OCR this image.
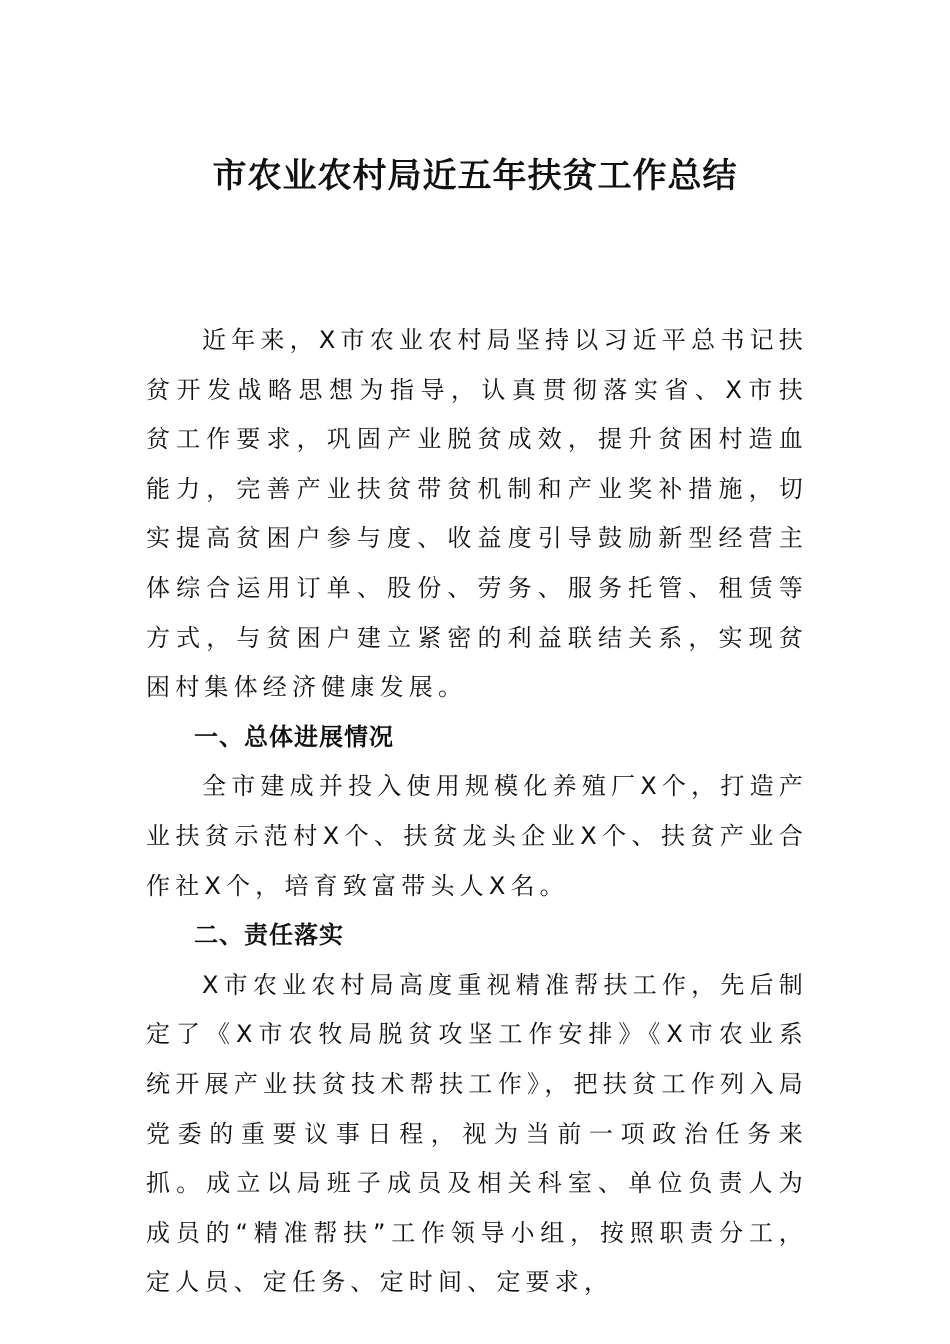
市农业农村局近五年扶贫工作总结

近年来，X市农业农村局坚持以习近平总书记扶贫开发战略思想为指导，认真贯彻落实省、X市扶贫工作要求，巩固产业脱贫成效，提升贫困村造血能力，完善产业扶贫带贫机制和产业奖补措施，切实提高贫困户参与度、收益度引导鼓励新型经营主体综合运用订单、股份、劳务、服务托管、租赁等方式，与贫困户建立紧密的利益联结关系，实现贫困村集体经济健康发展。

一、总体进展情况

全市建成并投入使用规模化养殖厂X个，打造产业扶贫示范村X个、扶贫龙头企业X个、扶贫产业合作社X个，培育致富带头人X名。

二、责任落实

X市农业农村局高度重视精准帮扶工作，先后制定了《X市农牧局脱贫攻坚工作安排》《X市农业系统开展产业扶贫技术帮扶工作》，把扶贫工作列入局党委的重要议事日程，视为当前一项政治任务来抓。成立以局班子成员及相关科室、单位负责人为成员的“精准帮扶”工作领导小组，按照职责分工，定人员、定任务、定时间、定要求，
